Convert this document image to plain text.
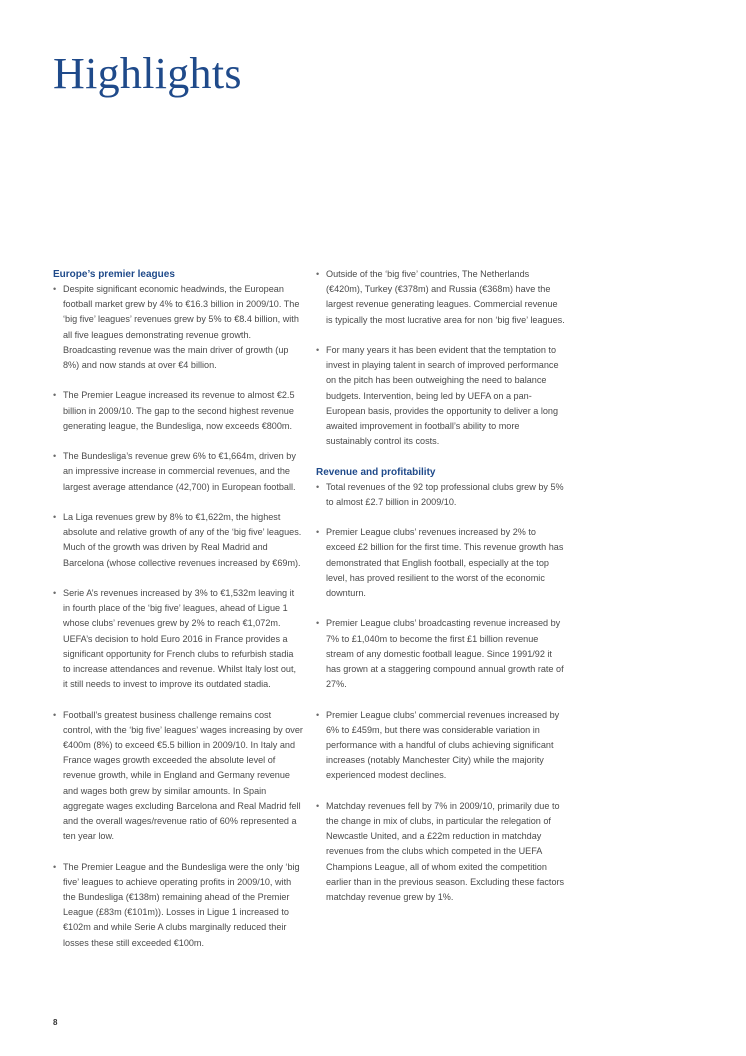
Highlights
Europe’s premier leagues
• Despite significant economic headwinds, the European football market grew by 4% to €16.3 billion in 2009/10. The ‘big five’ leagues’ revenues grew by 5% to €8.4 billion, with all five leagues demonstrating revenue growth. Broadcasting revenue was the main driver of growth (up 8%) and now stands at over €4 billion.
• The Premier League increased its revenue to almost €2.5 billion in 2009/10. The gap to the second highest revenue generating league, the Bundesliga, now exceeds €800m.
• The Bundesliga’s revenue grew 6% to €1,664m, driven by an impressive increase in commercial revenues, and the largest average attendance (42,700) in European football.
• La Liga revenues grew by 8% to €1,622m, the highest absolute and relative growth of any of the ‘big five’ leagues. Much of the growth was driven by Real Madrid and Barcelona (whose collective revenues increased by €69m).
• Serie A’s revenues increased by 3% to €1,532m leaving it in fourth place of the ‘big five’ leagues, ahead of Ligue 1 whose clubs’ revenues grew by 2% to reach €1,072m. UEFA’s decision to hold Euro 2016 in France provides a significant opportunity for French clubs to refurbish stadia to increase attendances and revenue. Whilst Italy lost out, it still needs to invest to improve its outdated stadia.
• Football’s greatest business challenge remains cost control, with the ‘big five’ leagues’ wages increasing by over €400m (8%) to exceed €5.5 billion in 2009/10. In Italy and France wages growth exceeded the absolute level of revenue growth, while in England and Germany revenue and wages both grew by similar amounts. In Spain aggregate wages excluding Barcelona and Real Madrid fell and the overall wages/revenue ratio of 60% represented a ten year low.
• The Premier League and the Bundesliga were the only ‘big five’ leagues to achieve operating profits in 2009/10, with the Bundesliga (€138m) remaining ahead of the Premier League (£83m (€101m)). Losses in Ligue 1 increased to €102m and while Serie A clubs marginally reduced their losses these still exceeded €100m.
• Outside of the ‘big five’ countries, The Netherlands (€420m), Turkey (€378m) and Russia (€368m) have the largest revenue generating leagues. Commercial revenue is typically the most lucrative area for non ‘big five’ leagues.
• For many years it has been evident that the temptation to invest in playing talent in search of improved performance on the pitch has been outweighing the need to balance budgets. Intervention, being led by UEFA on a pan-European basis, provides the opportunity to deliver a long awaited improvement in football’s ability to more sustainably control its costs.
Revenue and profitability
• Total revenues of the 92 top professional clubs grew by 5% to almost £2.7 billion in 2009/10.
• Premier League clubs’ revenues increased by 2% to exceed £2 billion for the first time. This revenue growth has demonstrated that English football, especially at the top level, has proved resilient to the worst of the economic downturn.
• Premier League clubs’ broadcasting revenue increased by 7% to £1,040m to become the first £1 billion revenue stream of any domestic football league. Since 1991/92 it has grown at a staggering compound annual growth rate of 27%.
• Premier League clubs’ commercial revenues increased by 6% to £459m, but there was considerable variation in performance with a handful of clubs achieving significant increases (notably Manchester City) while the majority experienced modest declines.
• Matchday revenues fell by 7% in 2009/10, primarily due to the change in mix of clubs, in particular the relegation of Newcastle United, and a £22m reduction in matchday revenues from the clubs which competed in the UEFA Champions League, all of whom exited the competition earlier than in the previous season. Excluding these factors matchday revenue grew by 1%.
8
